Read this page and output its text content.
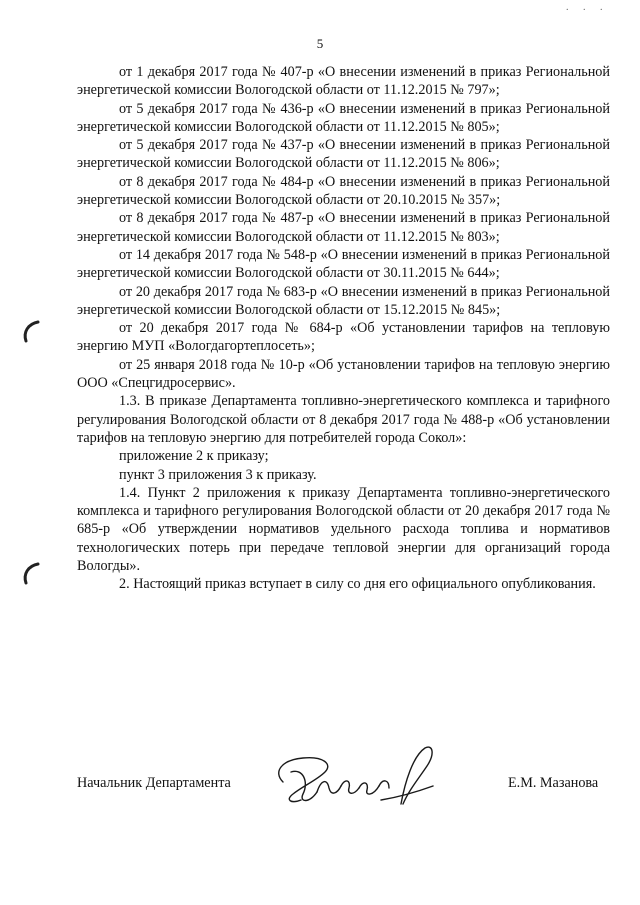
. . .
5

от 1 декабря 2017 года № 407-р «О внесении изменений в приказ Региональной энергетической комиссии Вологодской области от 11.12.2015 № 797»;

от 5 декабря 2017 года № 436-р «О внесении изменений в приказ Региональной энергетической комиссии Вологодской области от 11.12.2015 № 805»;

от 5 декабря 2017 года № 437-р «О внесении изменений в приказ Региональной энергетической комиссии Вологодской области от 11.12.2015 № 806»;

от 8 декабря 2017 года № 484-р «О внесении изменений в приказ Региональной энергетической комиссии Вологодской области от 20.10.2015 № 357»;

от 8 декабря 2017 года № 487-р «О внесении изменений в приказ Региональной энергетической комиссии Вологодской области от 11.12.2015 № 803»;

от 14 декабря 2017 года № 548-р «О внесении изменений в приказ Региональной энергетической комиссии Вологодской области от 30.11.2015 № 644»;

от 20 декабря 2017 года № 683-р «О внесении изменений в приказ Региональной энергетической комиссии Вологодской области от 15.12.2015 № 845»;

от 20 декабря 2017 года № 684-р «Об установлении тарифов на тепловую энергию МУП «Вологдагортеплосеть»;

от 25 января 2018 года № 10-р «Об установлении тарифов на тепловую энергию ООО «Спецгидросервис».

1.3. В приказе Департамента топливно-энергетического комплекса и тарифного регулирования Вологодской области от 8 декабря 2017 года № 488-р «Об установлении тарифов на тепловую энергию для потребителей города Сокол»:

приложение 2 к приказу;

пункт 3 приложения 3 к приказу.

1.4. Пункт 2 приложения к приказу Департамента топливно-энергетического комплекса и тарифного регулирования Вологодской области от 20 декабря 2017 года № 685-р «Об утверждении нормативов удельного расхода топлива и нормативов технологических потерь при передаче тепловой энергии для организаций города Вологды».

2. Настоящий приказ вступает в силу со дня его официального опубликования.

Начальник Департамента	Е.М. Мазанова
